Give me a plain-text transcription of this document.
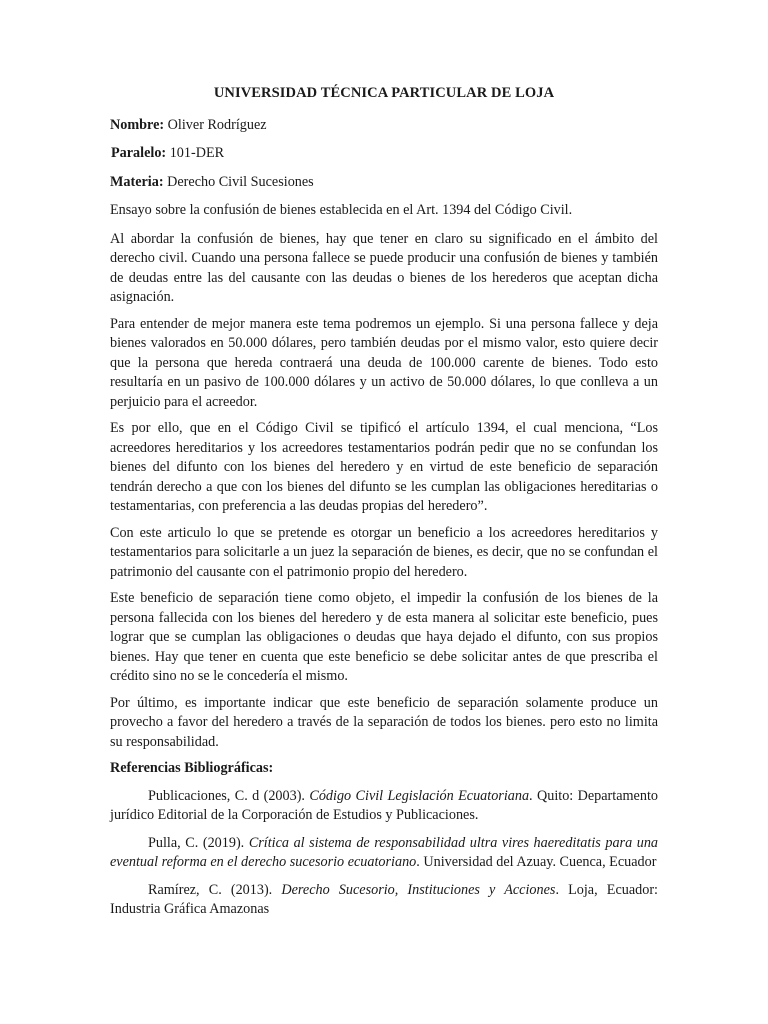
UNIVERSIDAD TÉCNICA PARTICULAR DE LOJA
Nombre: Oliver Rodríguez
Paralelo: 101-DER
Materia: Derecho Civil Sucesiones
Ensayo sobre la confusión de bienes establecida en el Art. 1394 del Código Civil.

Al abordar la confusión de bienes, hay que tener en claro su significado en el ámbito del derecho civil. Cuando una persona fallece se puede producir una confusión de bienes y también de deudas entre las del causante con las deudas o bienes de los herederos que aceptan dicha asignación.

Para entender de mejor manera este tema podremos un ejemplo. Si una persona fallece y deja bienes valorados en 50.000 dólares, pero también deudas por el mismo valor, esto quiere decir que la persona que hereda contraerá una deuda de 100.000 carente de bienes. Todo esto resultaría en un pasivo de 100.000 dólares y un activo de 50.000 dólares, lo que conlleva a un perjuicio para el acreedor.

Es por ello, que en el Código Civil se tipificó el artículo 1394, el cual menciona, “Los acreedores hereditarios y los acreedores testamentarios podrán pedir que no se confundan los bienes del difunto con los bienes del heredero y en virtud de este beneficio de separación tendrán derecho a que con los bienes del difunto se les cumplan las obligaciones hereditarias o testamentarias, con preferencia a las deudas propias del heredero”.

Con este articulo lo que se pretende es otorgar un beneficio a los acreedores hereditarios y testamentarios para solicitarle a un juez la separación de bienes, es decir, que no se confundan el patrimonio del causante con el patrimonio propio del heredero.

Este beneficio de separación tiene como objeto, el impedir la confusión de los bienes de la persona fallecida con los bienes del heredero y de esta manera al solicitar este beneficio, pues lograr que se cumplan las obligaciones o deudas que haya dejado el difunto, con sus propios bienes. Hay que tener en cuenta que este beneficio se debe solicitar antes de que prescriba el crédito sino no se le concedería el mismo.

Por último, es importante indicar que este beneficio de separación solamente produce un provecho a favor del heredero a través de la separación de todos los bienes. pero esto no limita su responsabilidad.

Referencias Bibliográficas:

Publicaciones, C. d (2003). Código Civil Legislación Ecuatoriana. Quito: Departamento jurídico Editorial de la Corporación de Estudios y Publicaciones.

Pulla, C. (2019). Crítica al sistema de responsabilidad ultra vires haereditatis para una eventual reforma en el derecho sucesorio ecuatoriano. Universidad del Azuay. Cuenca, Ecuador

Ramírez, C. (2013). Derecho Sucesorio, Instituciones y Acciones. Loja, Ecuador: Industria Gráfica Amazonas
